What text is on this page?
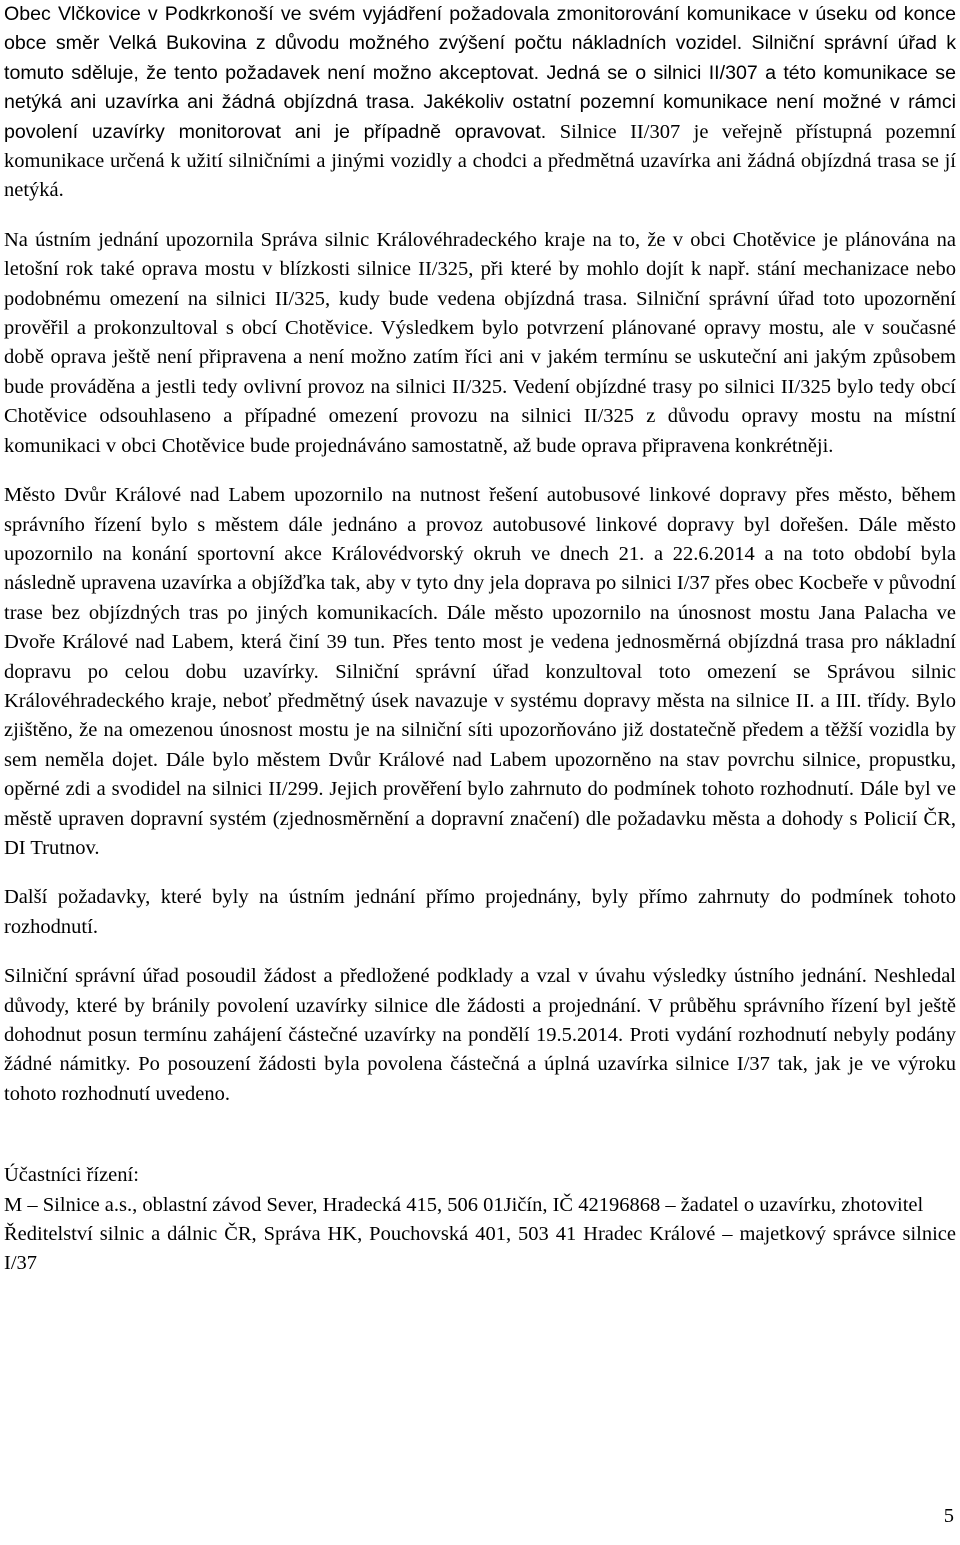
Obec Vlčkovice v Podkrkonoší ve svém vyjádření požadovala zmonitorování komunikace v úseku od konce obce směr Velká Bukovina z důvodu možného zvýšení počtu nákladních vozidel. Silniční správní úřad k tomuto sděluje, že tento požadavek není možno akceptovat. Jedná se o silnici II/307 a této komunikace se netýká ani uzavírka ani žádná objízdná trasa. Jakékoliv ostatní pozemní komunikace není možné v rámci povolení uzavírky monitorovat ani je případně opravovat. Silnice II/307 je veřejně přístupná pozemní komunikace určená k užití silničními a jinými vozidly a chodci a předmětná uzavírka ani žádná objízdná trasa se jí netýká.

Na ústním jednání upozornila Správa silnic Královéhradeckého kraje na to, že v obci Chotěvice je plánována na letošní rok také oprava mostu v blízkosti silnice II/325, při které by mohlo dojít k např. stání mechanizace nebo podobnému omezení na silnici II/325, kudy bude vedena objízdná trasa. Silniční správní úřad toto upozornění prověřil a prokonzultoval s obcí Chotěvice. Výsledkem bylo potvrzení plánované opravy mostu, ale v současné době oprava ještě není připravena a není možno zatím říci ani v jakém termínu se uskuteční ani jakým způsobem bude prováděna a jestli tedy ovlivní provoz na silnici II/325. Vedení objízdné trasy po silnici II/325 bylo tedy obcí Chotěvice odsouhlaseno a případné omezení provozu na silnici II/325 z důvodu opravy mostu na místní komunikaci v obci Chotěvice bude projednáváno samostatně, až bude oprava připravena konkrétněji.

Město Dvůr Králové nad Labem upozornilo na nutnost řešení autobusové linkové dopravy přes město, během správního řízení bylo s městem dále jednáno a provoz autobusové linkové dopravy byl dořešen. Dále město upozornilo na konání sportovní akce Královédvorský okruh ve dnech 21. a 22.6.2014 a na toto období byla následně upravena uzavírka a objížďka tak, aby v tyto dny jela doprava po silnici I/37 přes obec Kocbeře v původní trase bez objízdných tras po jiných komunikacích. Dále město upozornilo na únosnost mostu Jana Palacha ve Dvoře Králové nad Labem, která činí 39 tun. Přes tento most je vedena jednosměrná objízdná trasa pro nákladní dopravu po celou dobu uzavírky. Silniční správní úřad konzultoval toto omezení se Správou silnic Královéhradeckého kraje, neboť předmětný úsek navazuje v systému dopravy města na silnice II. a III. třídy. Bylo zjištěno, že na omezenou únosnost mostu je na silniční síti upozorňováno již dostatečně předem a těžší vozidla by sem neměla dojet. Dále bylo městem Dvůr Králové nad Labem upozorněno na stav povrchu silnice, propustku, opěrné zdi a svodidel na silnici II/299. Jejich prověření bylo zahrnuto do podmínek tohoto rozhodnutí. Dále byl ve městě upraven dopravní systém (zjednosměrnění a dopravní značení) dle požadavku města a dohody s Policií ČR, DI Trutnov.

Další požadavky, které byly na ústním jednání přímo projednány, byly přímo zahrnuty do podmínek tohoto rozhodnutí.

Silniční správní úřad posoudil žádost a předložené podklady a vzal v úvahu výsledky ústního jednání. Neshledal důvody, které by bránily povolení uzavírky silnice dle žádosti a projednání. V průběhu správního řízení byl ještě dohodnut posun termínu zahájení částečné uzavírky na pondělí 19.5.2014. Proti vydání rozhodnutí nebyly podány žádné námitky. Po posouzení žádosti byla povolena částečná a úplná uzavírka silnice I/37 tak, jak je ve výroku tohoto rozhodnutí uvedeno.

Účastníci řízení:

M – Silnice a.s., oblastní závod Sever, Hradecká 415, 506 01Jičín, IČ 42196868 – žadatel o uzavírku, zhotovitel

Ředitelství silnic a dálnic ČR, Správa HK, Pouchovská 401, 503 41 Hradec Králové – majetkový správce silnice I/37

5
